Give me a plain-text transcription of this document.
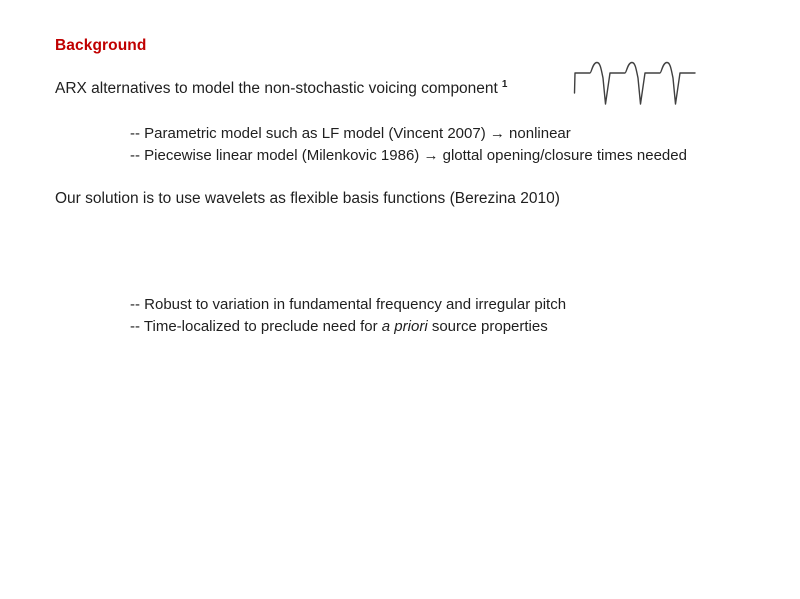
Background
ARX alternatives to model the non-stochastic voicing component $^1$
-- Parametric model such as LF model (Vincent 2007) → nonlinear
-- Piecewise linear model (Milenkovic 1986) → glottal opening/closure times needed
Our solution is to use wavelets as flexible basis functions (Berezina 2010)
-- Robust to variation in fundamental frequency and irregular pitch
-- Time-localized to preclude need for a priori source properties
